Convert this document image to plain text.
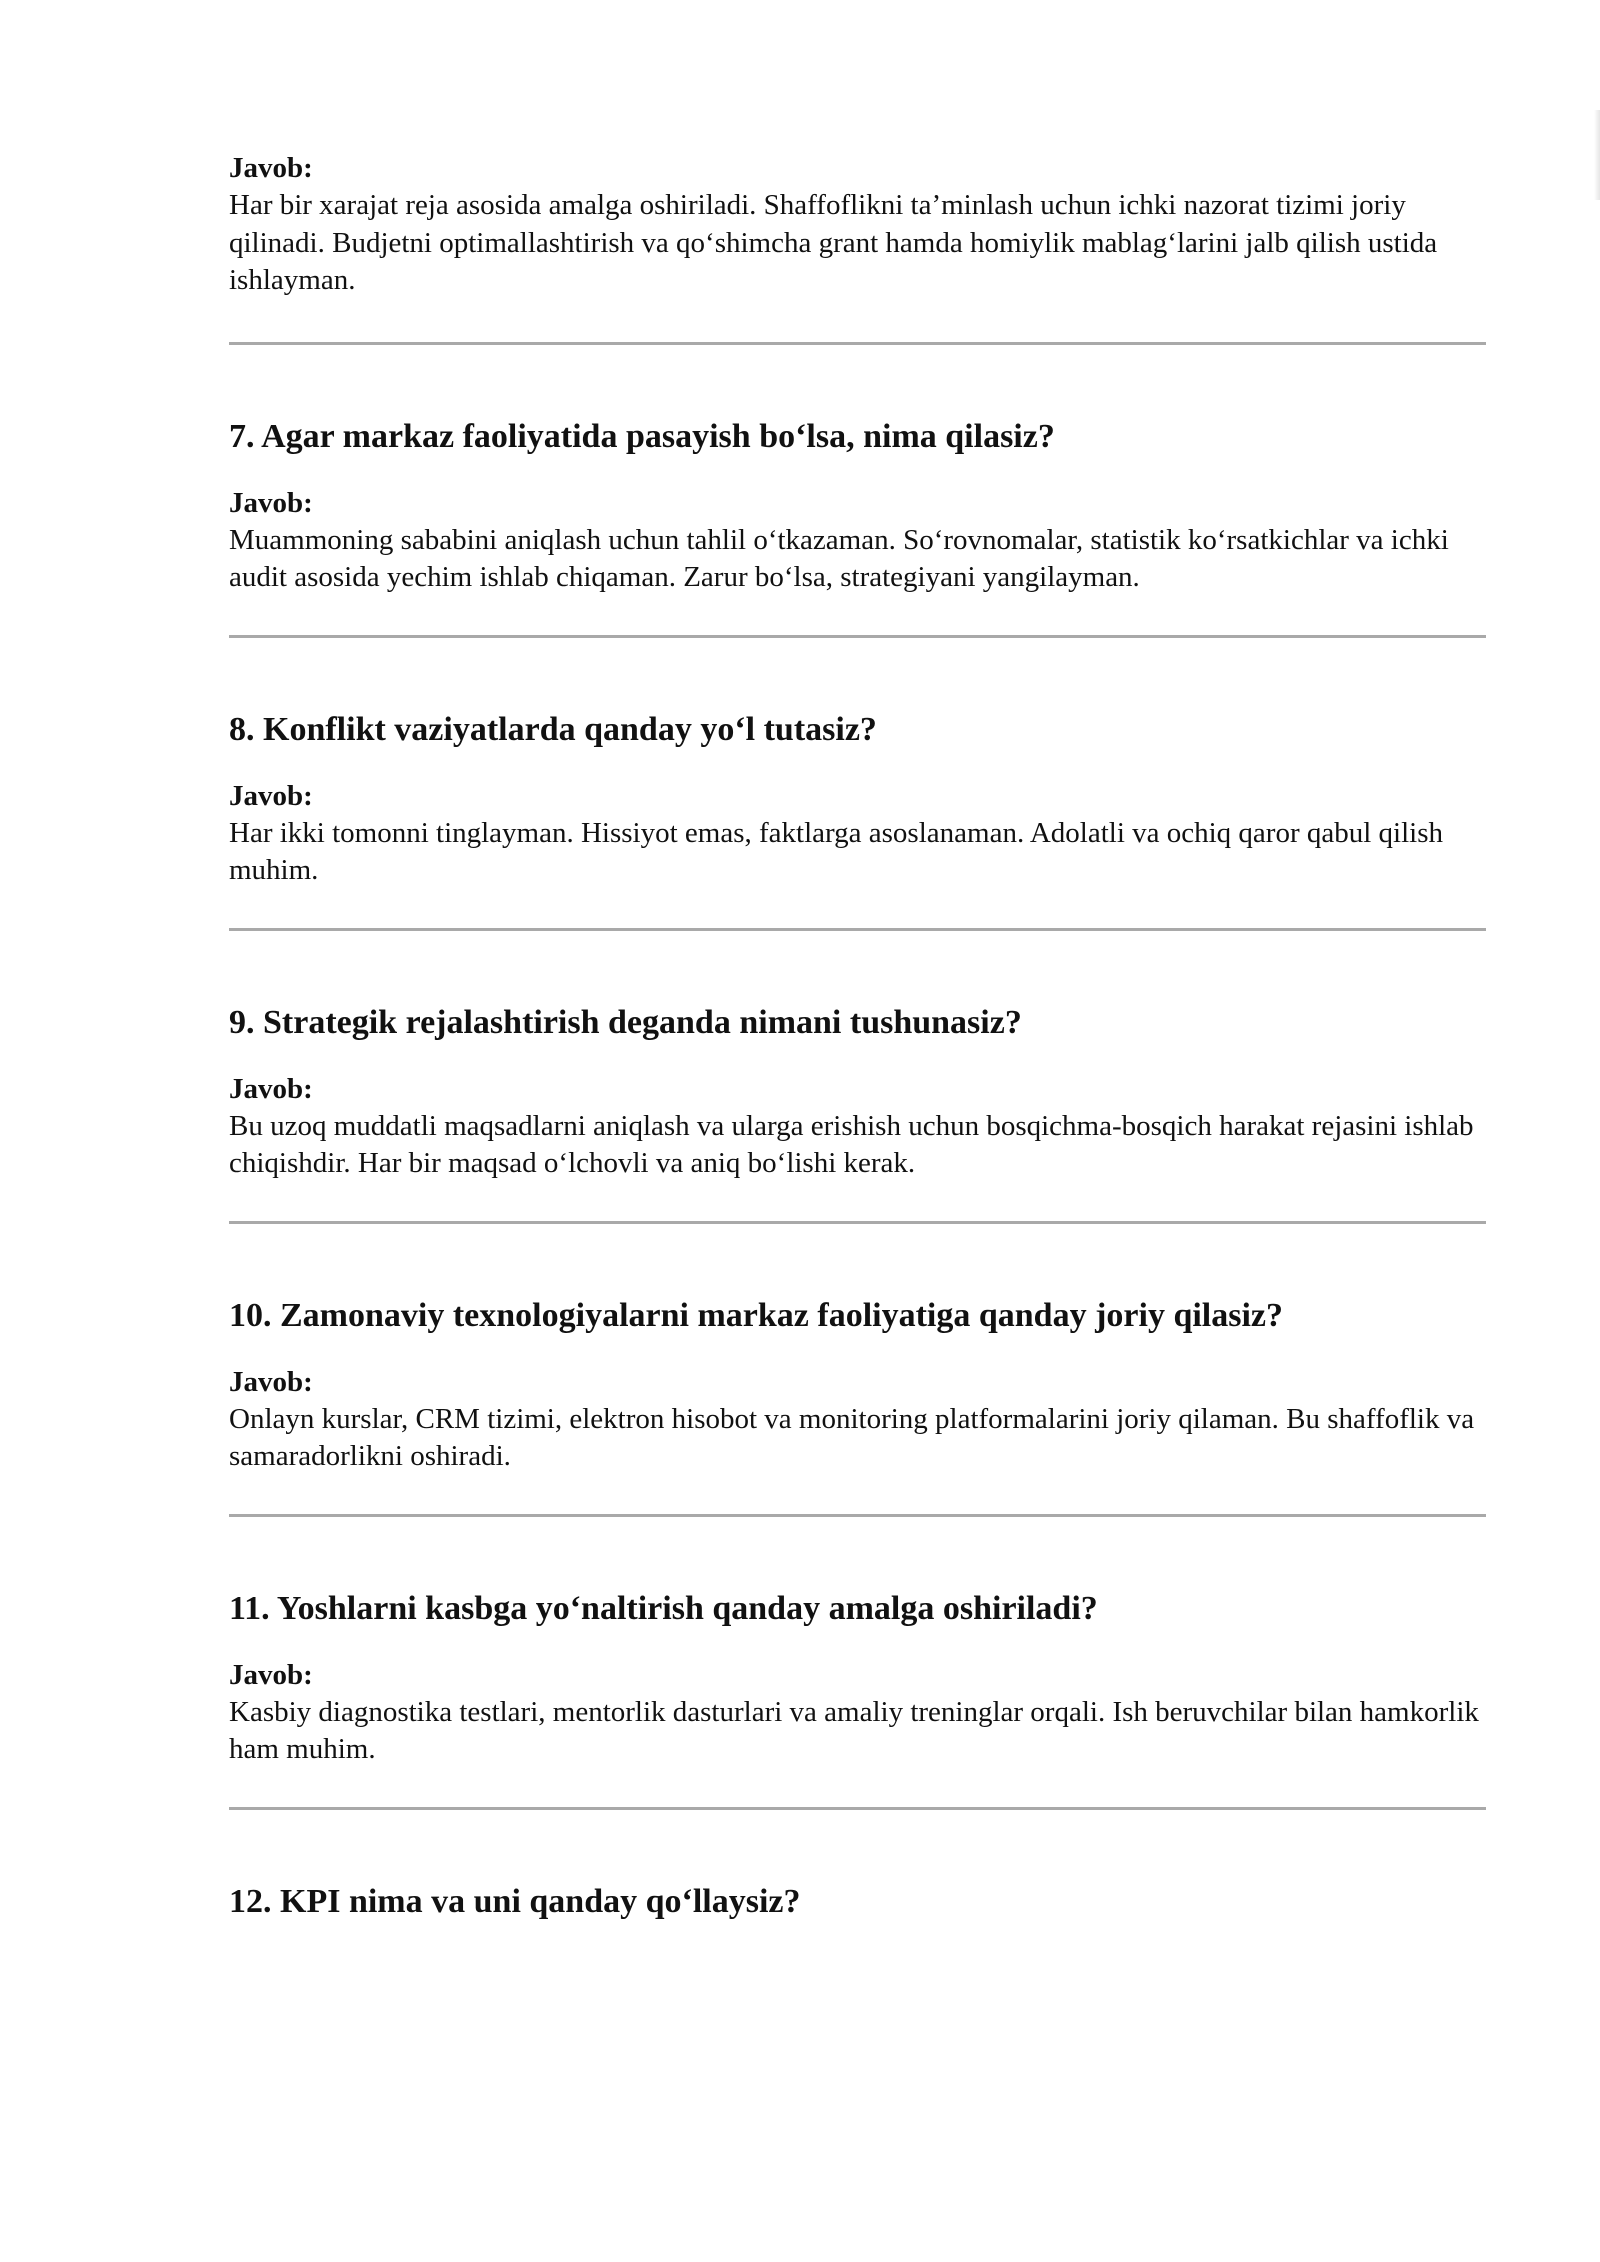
Javob:

Har bir xarajat reja asosida amalga oshiriladi. Shaffoflikni ta’minlash uchun ichki nazorat tizimi joriy qilinadi. Budjetni optimallashtirish va qo‘shimcha grant hamda homiylik mablag‘larini jalb qilish ustida ishlayman.

7. Agar markaz faoliyatida pasayish bo‘lsa, nima qilasiz?

Javob:

Muammoning sababini aniqlash uchun tahlil o‘tkazaman. So‘rovnomalar, statistik ko‘rsatkichlar va ichki audit asosida yechim ishlab chiqaman. Zarur bo‘lsa, strategiyani yangilayman.

8. Konflikt vaziyatlarda qanday yo‘l tutasiz?

Javob:

Har ikki tomonni tinglayman. Hissiyot emas, faktlarga asoslanaman. Adolatli va ochiq qaror qabul qilish muhim.

9. Strategik rejalashtirish deganda nimani tushunasiz?

Javob:

Bu uzoq muddatli maqsadlarni aniqlash va ularga erishish uchun bosqichma-bosqich harakat rejasini ishlab chiqishdir. Har bir maqsad o‘lchovli va aniq bo‘lishi kerak.

10. Zamonaviy texnologiyalarni markaz faoliyatiga qanday joriy qilasiz?

Javob:

Onlayn kurslar, CRM tizimi, elektron hisobot va monitoring platformalarini joriy qilaman. Bu shaffoflik va samaradorlikni oshiradi.

11. Yoshlarni kasbga yo‘naltirish qanday amalga oshiriladi?

Javob:

Kasbiy diagnostika testlari, mentorlik dasturlari va amaliy treninglar orqali. Ish beruvchilar bilan hamkorlik ham muhim.

12. KPI nima va uni qanday qo‘llaysiz?
